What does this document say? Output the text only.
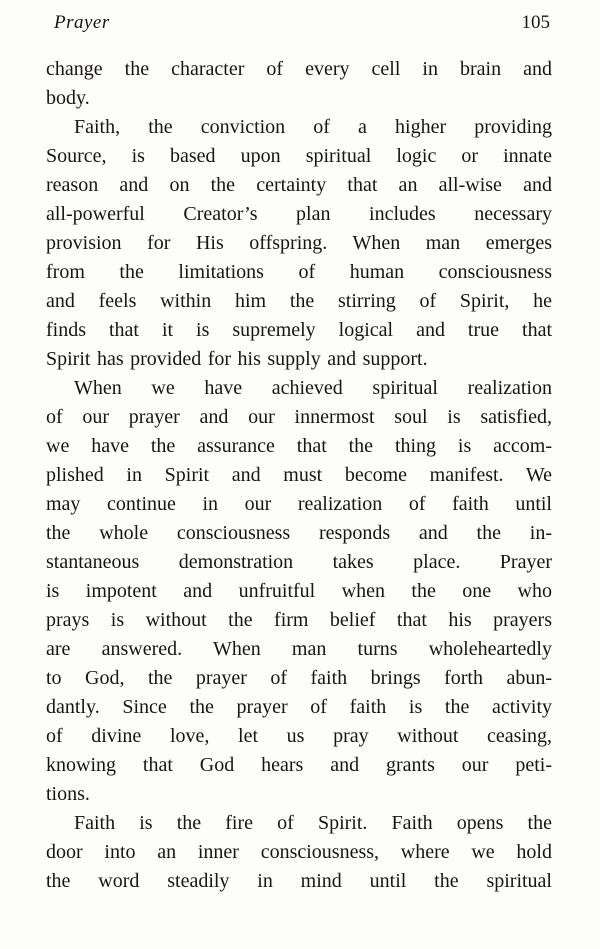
Prayer	105
change the character of every cell in brain and
body.
Faith, the conviction of a higher providing
Source, is based upon spiritual logic or innate
reason and on the certainty that an all-wise and
all-powerful Creator’s plan includes necessary
provision for His offspring. When man emerges
from the limitations of human consciousness
and feels within him the stirring of Spirit, he
finds that it is supremely logical and true that
Spirit has provided for his supply and support.
When we have achieved spiritual realization
of our prayer and our innermost soul is satisfied,
we have the assurance that the thing is accom-
plished in Spirit and must become manifest. We
may continue in our realization of faith until
the whole consciousness responds and the in-
stantaneous demonstration takes place. Prayer
is impotent and unfruitful when the one who
prays is without the firm belief that his prayers
are answered. When man turns wholeheartedly
to God, the prayer of faith brings forth abun-
dantly. Since the prayer of faith is the activity
of divine love, let us pray without ceasing,
knowing that God hears and grants our peti-
tions.
Faith is the fire of Spirit. Faith opens the
door into an inner consciousness, where we hold
the word steadily in mind until the spiritual
